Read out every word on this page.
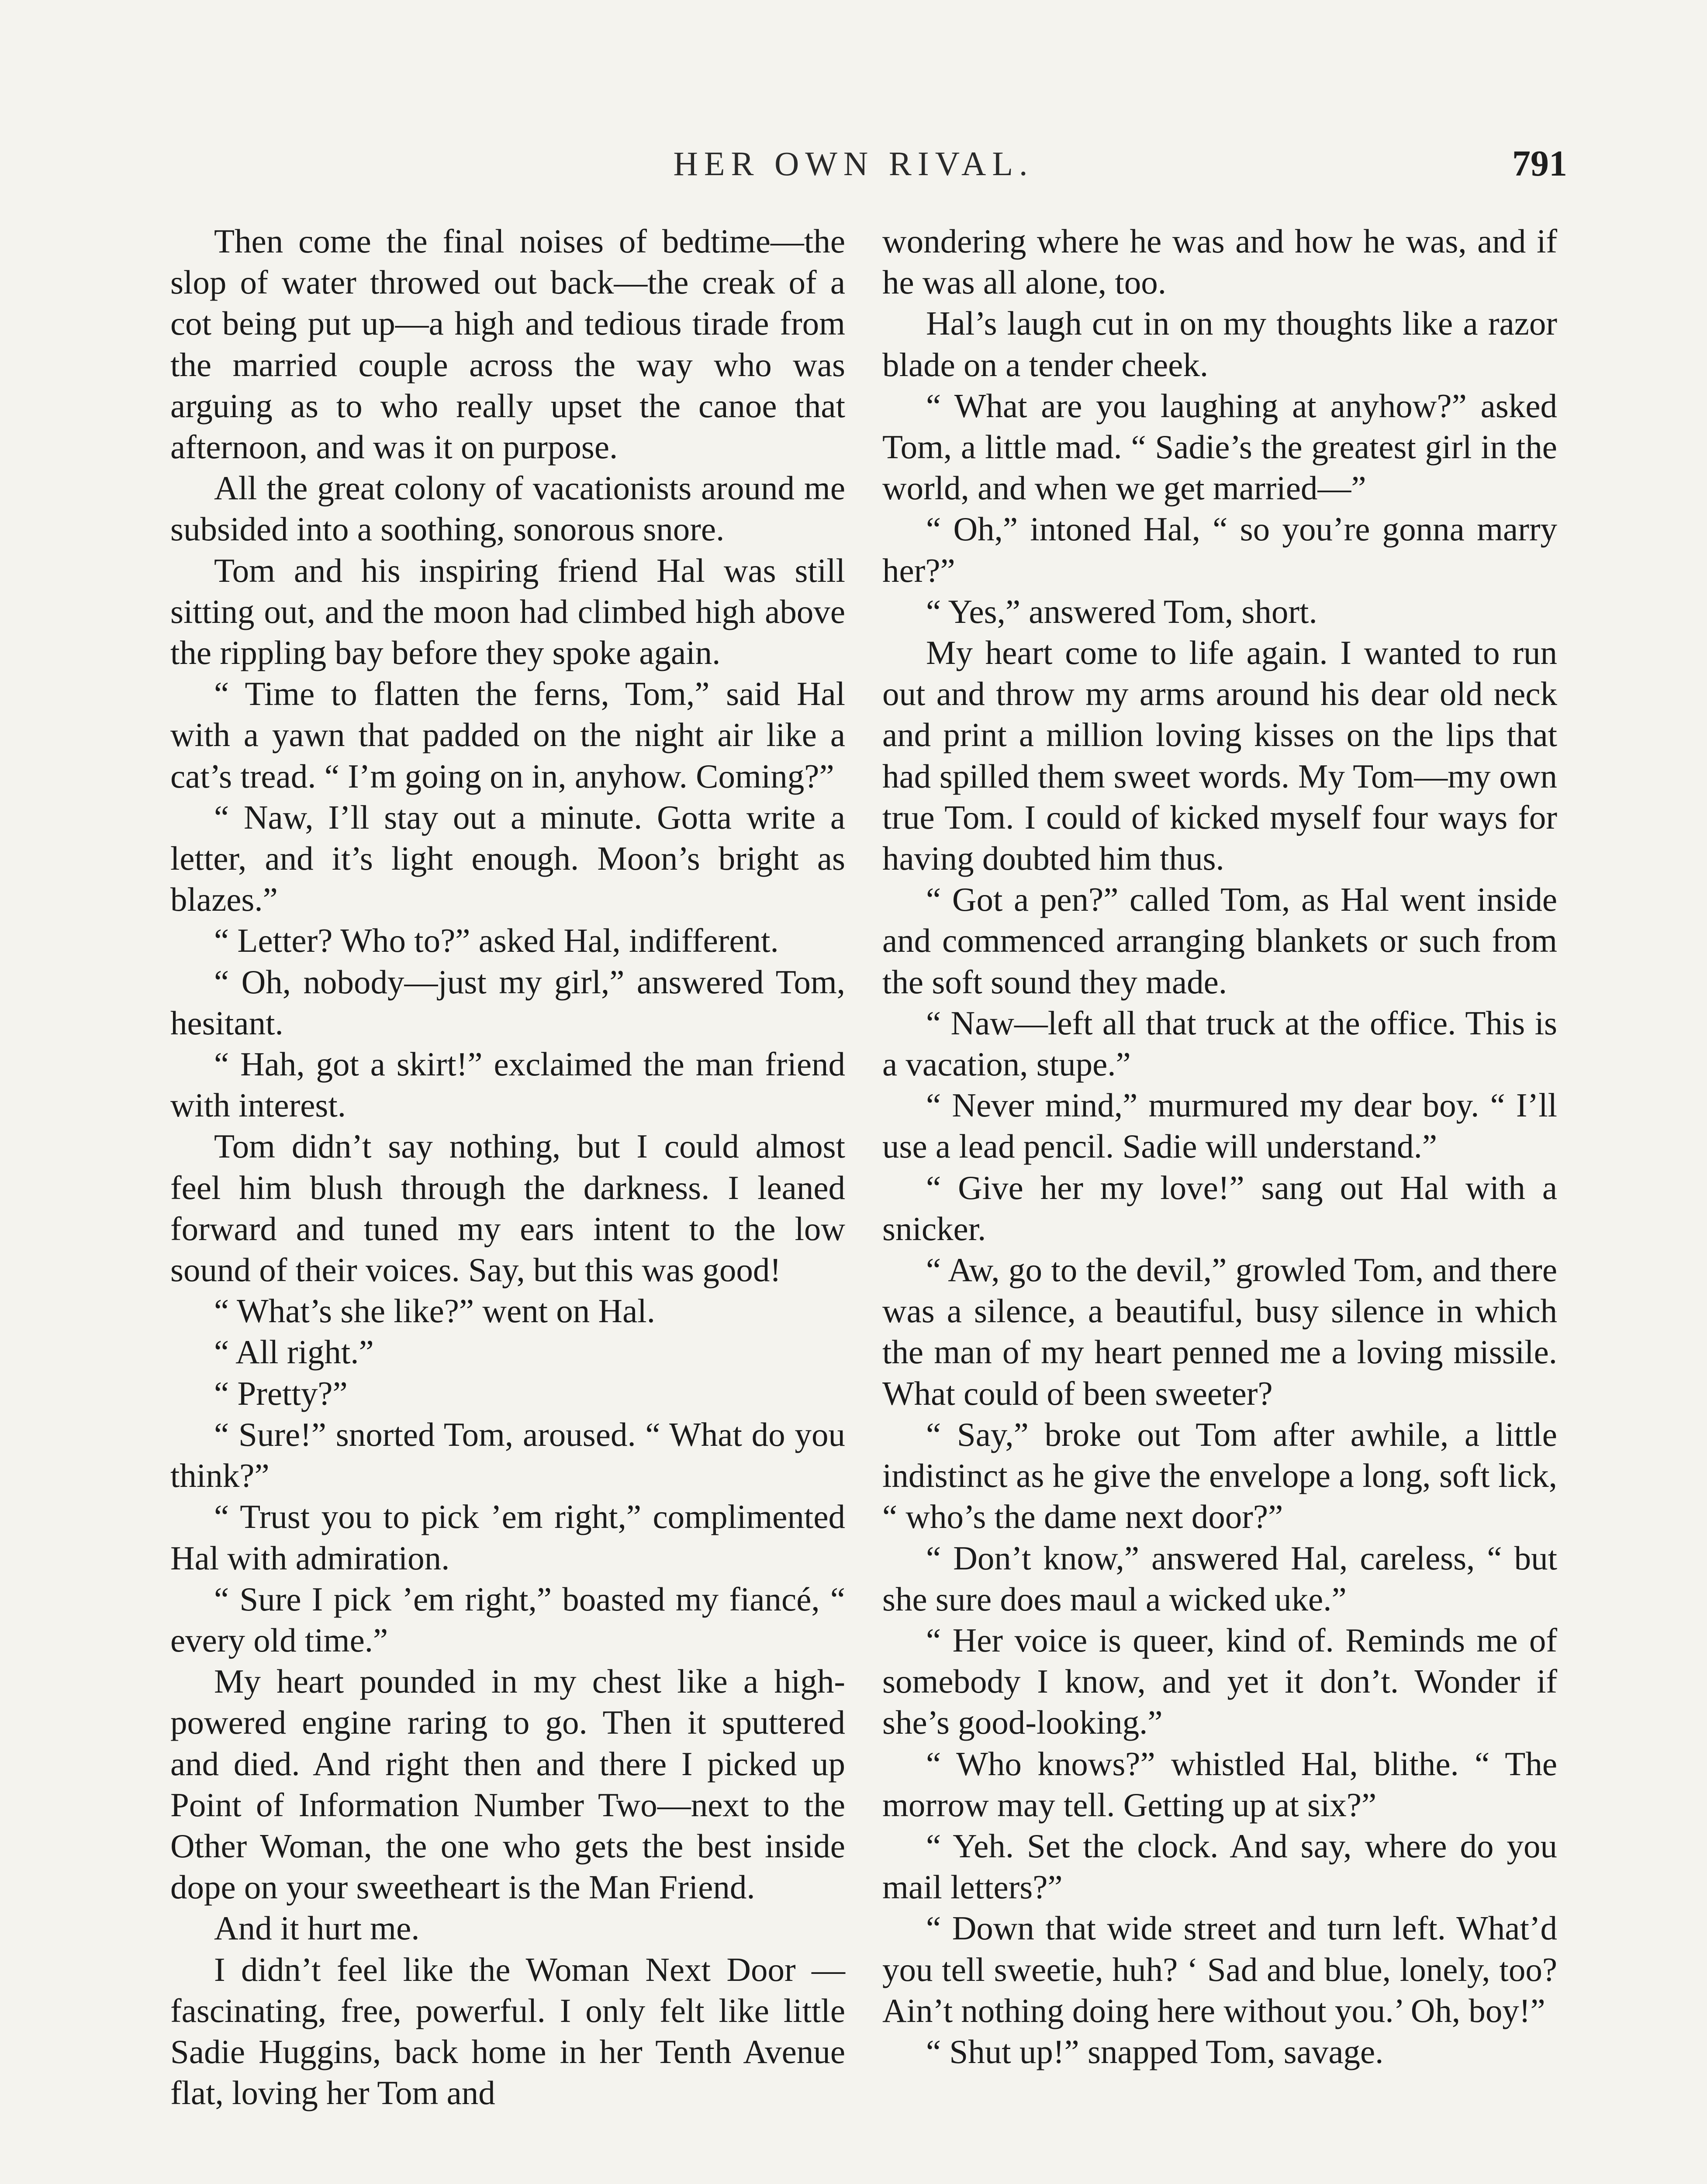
HER OWN RIVAL.	791

Then come the final noises of bedtime—the slop of water throwed out back—the creak of a cot being put up—a high and tedious tirade from the married couple across the way who was arguing as to who really upset the canoe that afternoon, and was it on purpose.

All the great colony of vacationists around me subsided into a soothing, sonorous snore.

Tom and his inspiring friend Hal was still sitting out, and the moon had climbed high above the rippling bay before they spoke again.

“ Time to flatten the ferns, Tom,” said Hal with a yawn that padded on the night air like a cat’s tread. “ I’m going on in, anyhow. Coming?”

“ Naw, I’ll stay out a minute. Gotta write a letter, and it’s light enough. Moon’s bright as blazes.”

“ Letter? Who to?” asked Hal, indifferent.

“ Oh, nobody—just my girl,” answered Tom, hesitant.

“ Hah, got a skirt!” exclaimed the man friend with interest.

Tom didn’t say nothing, but I could almost feel him blush through the darkness. I leaned forward and tuned my ears intent to the low sound of their voices. Say, but this was good!

“ What’s she like?” went on Hal.

“ All right.”

“ Pretty?”

“ Sure!” snorted Tom, aroused. “ What do you think?”

“ Trust you to pick ’em right,” complimented Hal with admiration.

“ Sure I pick ’em right,” boasted my fiancé, “ every old time.”

My heart pounded in my chest like a high-powered engine raring to go. Then it sputtered and died. And right then and there I picked up Point of Information Number Two—next to the Other Woman, the one who gets the best inside dope on your sweetheart is the Man Friend.

And it hurt me.

I didn’t feel like the Woman Next Door —fascinating, free, powerful. I only felt like little Sadie Huggins, back home in her Tenth Avenue flat, loving her Tom and

wondering where he was and how he was, and if he was all alone, too.

Hal’s laugh cut in on my thoughts like a razor blade on a tender cheek.

“ What are you laughing at anyhow?” asked Tom, a little mad. “ Sadie’s the greatest girl in the world, and when we get married—”

“ Oh,” intoned Hal, “ so you’re gonna marry her?”

“ Yes,” answered Tom, short.

My heart come to life again. I wanted to run out and throw my arms around his dear old neck and print a million loving kisses on the lips that had spilled them sweet words. My Tom—my own true Tom. I could of kicked myself four ways for having doubted him thus.

“ Got a pen?” called Tom, as Hal went inside and commenced arranging blankets or such from the soft sound they made.

“ Naw—left all that truck at the office. This is a vacation, stupe.”

“ Never mind,” murmured my dear boy. “ I’ll use a lead pencil. Sadie will understand.”

“ Give her my love!” sang out Hal with a snicker.

“ Aw, go to the devil,” growled Tom, and there was a silence, a beautiful, busy silence in which the man of my heart penned me a loving missile. What could of been sweeter?

“ Say,” broke out Tom after awhile, a little indistinct as he give the envelope a long, soft lick, “ who’s the dame next door?”

“ Don’t know,” answered Hal, careless, “ but she sure does maul a wicked uke.”

“ Her voice is queer, kind of. Reminds me of somebody I know, and yet it don’t. Wonder if she’s good-looking.”

“ Who knows?” whistled Hal, blithe. “ The morrow may tell. Getting up at six?”

“ Yeh. Set the clock. And say, where do you mail letters?”

“ Down that wide street and turn left. What’d you tell sweetie, huh? ‘ Sad and blue, lonely, too? Ain’t nothing doing here without you.’ Oh, boy!”

“ Shut up!” snapped Tom, savage.
